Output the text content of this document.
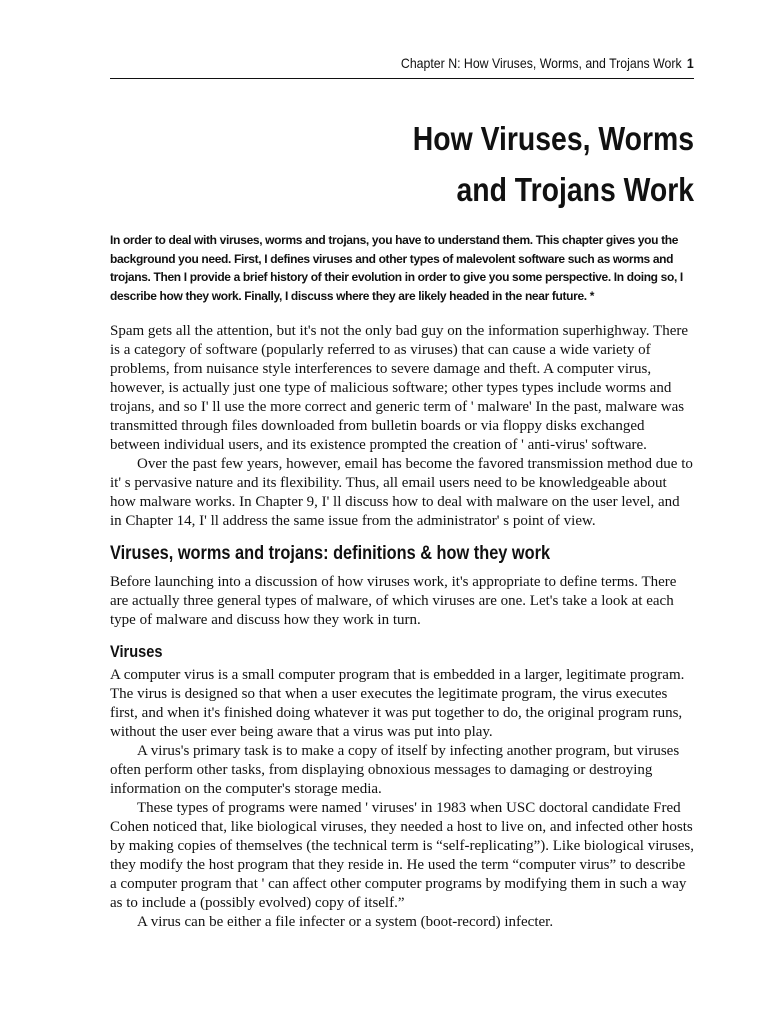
Chapter N: How Viruses, Worms, and Trojans Work 1
How Viruses, Worms
and Trojans Work

In order to deal with viruses, worms and trojans, you have to understand them. This chapter gives you the background you need. First, I defines viruses and other types of malevolent software such as worms and trojans. Then I provide a brief history of their evolution in order to give you some perspective. In doing so, I describe how they work. Finally, I discuss where they are likely headed in the near future. *

Spam gets all the attention, but it's not the only bad guy on the information superhighway. There is a category of software (popularly referred to as viruses) that can cause a wide variety of problems, from nuisance style interferences to severe damage and theft. A computer virus, however, is actually just one type of malicious software; other types types include worms and trojans, and so I' ll use the more correct and generic term of ' malware' In the past, malware was transmitted through files downloaded from bulletin boards or via floppy disks exchanged between individual users, and its existence prompted the creation of ' anti-virus' software.

Over the past few years, however, email has become the favored transmission method due to it' s pervasive nature and its flexibility. Thus, all email users need to be knowledgeable about how malware works. In Chapter 9, I' ll discuss how to deal with malware on the user level, and in Chapter 14, I' ll address the same issue from the administrator' s point of view.

Viruses, worms and trojans: definitions & how they work

Before launching into a discussion of how viruses work, it's appropriate to define terms. There are actually three general types of malware, of which viruses are one. Let's take a look at each type of malware and discuss how they work in turn.

Viruses

A computer virus is a small computer program that is embedded in a larger, legitimate program. The virus is designed so that when a user executes the legitimate program, the virus executes first, and when it's finished doing whatever it was put together to do, the original program runs, without the user ever being aware that a virus was put into play.

A virus's primary task is to make a copy of itself by infecting another program, but viruses often perform other tasks, from displaying obnoxious messages to damaging or destroying information on the computer's storage media.

These types of programs were named ' viruses' in 1983 when USC doctoral candidate Fred Cohen noticed that, like biological viruses, they needed a host to live on, and infected other hosts by making copies of themselves (the technical term is “self-replicating”). Like biological viruses, they modify the host program that they reside in. He used the term “computer virus” to describe a computer program that ' can affect other computer programs by modifying them in such a way as to include a (possibly evolved) copy of itself.”

A virus can be either a file infecter or a system (boot-record) infecter.
